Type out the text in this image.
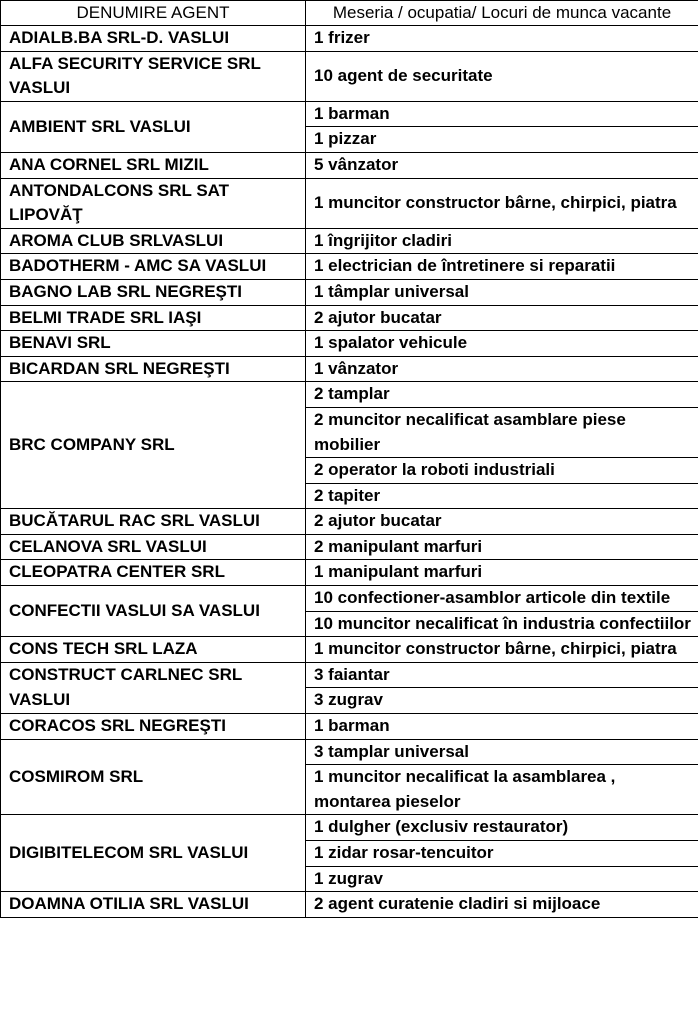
DENUMIRE AGENT	Meseria / ocupatia/ Locuri de munca vacante
ADIALB.BA SRL-D. VASLUI	1 frizer
ALFA SECURITY SERVICE SRL VASLUI	10 agent de securitate
AMBIENT SRL VASLUI	1 barman
	1 pizzar
ANA CORNEL SRL MIZIL	5 vânzator
ANTONDALCONS SRL SAT LIPOVĂŢ	1 muncitor constructor bârne, chirpici, piatra
AROMA CLUB SRLVASLUI	1 îngrijitor cladiri
BADOTHERM - AMC SA VASLUI	1 electrician de întretinere si reparatii
BAGNO LAB SRL NEGREŞTI	1 tâmplar universal
BELMI TRADE SRL IAŞI	2 ajutor bucatar
BENAVI SRL	1 spalator vehicule
BICARDAN SRL NEGREŞTI	1 vânzator
BRC COMPANY SRL	2 tamplar
	2 muncitor necalificat asamblare piese mobilier
	2 operator la roboti industriali
	2 tapiter
BUCĂTARUL RAC SRL VASLUI	2 ajutor bucatar
CELANOVA SRL VASLUI	2 manipulant marfuri
CLEOPATRA CENTER SRL	1 manipulant marfuri
CONFECTII VASLUI SA VASLUI	10 confectioner-asamblor articole din textile
	10 muncitor necalificat în industria confectiilor
CONS TECH SRL LAZA	1 muncitor constructor bârne, chirpici, piatra
CONSTRUCT CARLNEC SRL VASLUI	3 faiantar
	3 zugrav
CORACOS SRL NEGREŞTI	1 barman
COSMIROM SRL	3 tamplar universal
	1 muncitor necalificat la asamblarea , montarea pieselor
DIGIBITELECOM SRL VASLUI	1 dulgher (exclusiv restaurator)
	1 zidar rosar-tencuitor
	1 zugrav
DOAMNA OTILIA SRL VASLUI	2 agent curatenie cladiri si mijloace
